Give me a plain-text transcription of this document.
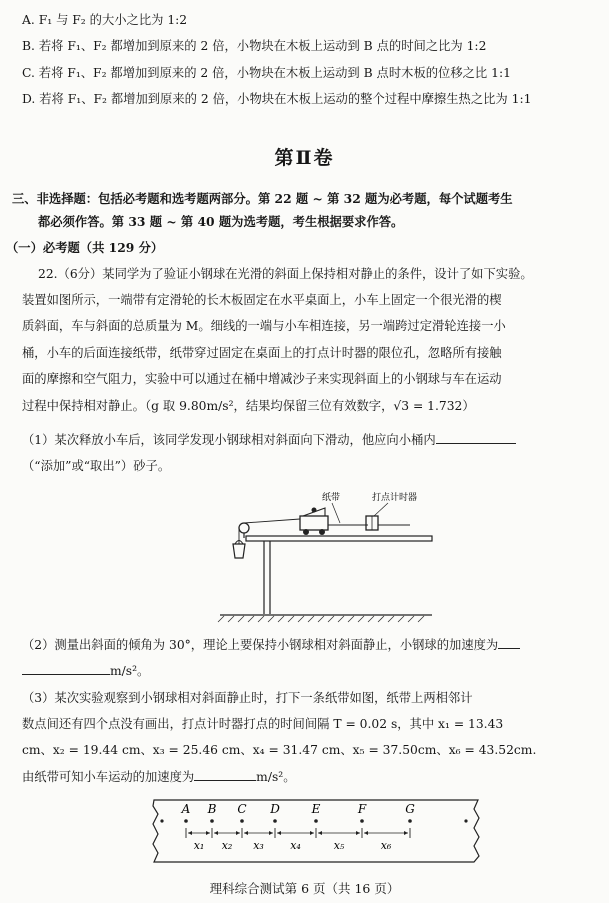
A. F₁ 与 F₂ 的大小之比为 1:2
B. 若将 F₁、F₂ 都增加到原来的 2 倍，小物块在木板上运动到 B 点的时间之比为 1:2
C. 若将 F₁、F₂ 都增加到原来的 2 倍，小物块在木板上运动到 B 点时木板的位移之比 1:1
D. 若将 F₁、F₂ 都增加到原来的 2 倍，小物块在木板上运动的整个过程中摩擦生热之比为 1:1
第Ⅱ卷
三、非选择题：包括必考题和选考题两部分。第 22 题 ~ 第 32 题为必考题，每个试题考生
都必须作答。第 33 题 ~ 第 40 题为选考题，考生根据要求作答。
（一）必考题（共 129 分）
22.（6分）某同学为了验证小钢球在光滑的斜面上保持相对静止的条件，设计了如下实验。
装置如图所示，一端带有定滑轮的长木板固定在水平桌面上，小车上固定一个很光滑的楔
质斜面，车与斜面的总质量为 M。细线的一端与小车相连接，另一端跨过定滑轮连接一小
桶，小车的后面连接纸带，纸带穿过固定在桌面上的打点计时器的限位孔，忽略所有接触
面的摩擦和空气阻力，实验中可以通过在桶中增减沙子来实现斜面上的小钢球与车在运动
过程中保持相对静止。（g 取 9.80m/s²，结果均保留三位有效数字，√3 = 1.732）
（1）某次释放小车后，该同学发现小钢球相对斜面向下滑动，他应向小桶内
（“添加”或“取出”）砂子。
纸带	打点计时器
（2）测量出斜面的倾角为 30°，理论上要保持小钢球相对斜面静止，小钢球的加速度为
m/s²。
（3）某次实验观察到小钢球相对斜面静止时，打下一条纸带如图，纸带上两相邻计
数点间还有四个点没有画出，打点计时器打点的时间间隔 T = 0.02 s，其中 x₁ = 13.43
cm、x₂ = 19.44 cm、x₃ = 25.46 cm、x₄ = 31.47 cm、x₅ = 37.50cm、x₆ = 43.52cm.
由纸带可知小车运动的加速度为	m/s²。
A B C D	E	F	G
x₁ x₂ x₃ x₄	x₅	x₆
理科综合测试第 6 页（共 16 页）
